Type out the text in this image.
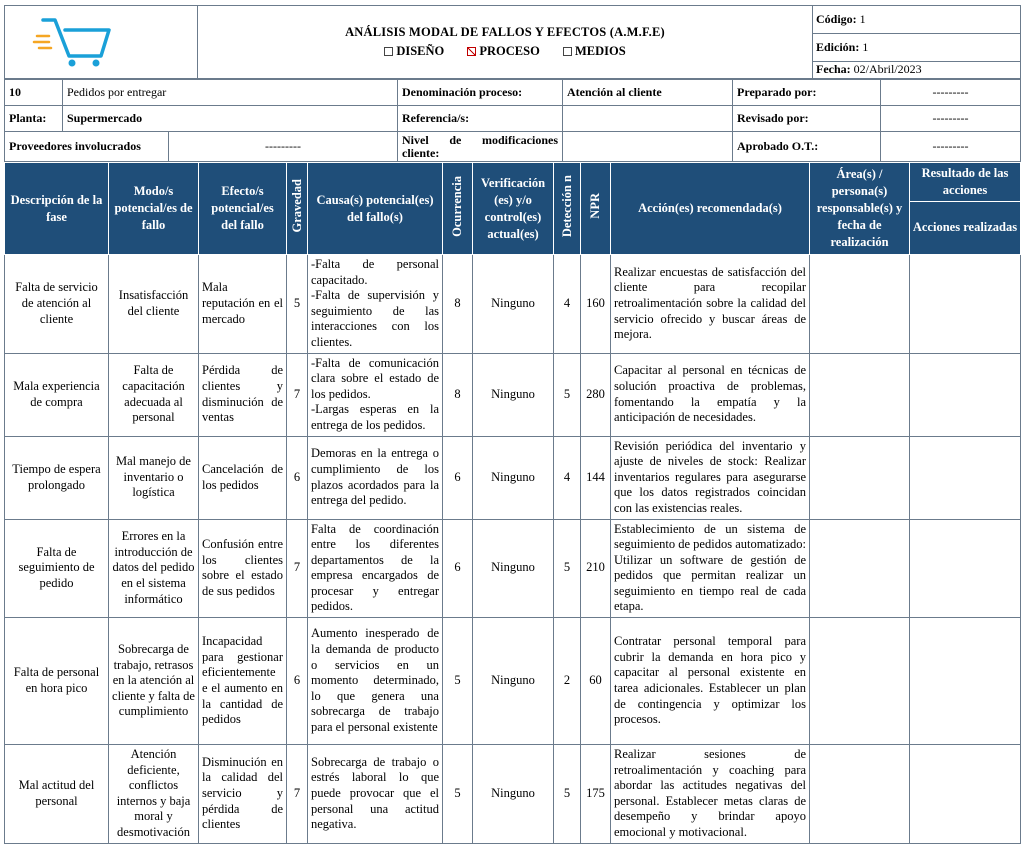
ANÁLISIS MODAL DE FALLOS Y EFECTOS (A.M.F.E)
DISEÑO	PROCESO	MEDIOS
	Código: 1
Edición: 1
Fecha: 02/Abril/2023
10	Pedidos por entregar		Denominación proceso:	Atención al cliente	Preparado por:	---------
Planta:	Supermercado		Referencia/s:		Revisado por:	---------
Proveedores involucrados		---------	Nivel de modificaciones cliente:		Aprobado O.T.:	---------
Descripción de la fase	Modo/s potencial/es de fallo	Efecto/s potencial/es del fallo	Gravedad	Causa(s) potencial(es) del fallo(s)	Ocurrencia	Verificación (es) y/o control(es) actual(es)	Detección n	NPR	Acción(es) recomendada(s)	Área(s) / persona(s) responsable(s) y fecha de realización	Resultado de las acciones
Acciones realizadas

Falta de servicio de atención al cliente	Insatisfacción del cliente	Mala reputación en el mercado	5	-Falta de personal capacitado.
-Falta de supervisión y seguimiento de las interacciones con los clientes.	8	Ninguno	4	160	Realizar encuestas de satisfacción del cliente para recopilar retroalimentación sobre la calidad del servicio ofrecido y buscar áreas de mejora.		
Mala experiencia de compra	Falta de capacitación adecuada al personal	Pérdida de clientes y disminución de ventas	7	-Falta de comunicación clara sobre el estado de los pedidos.
-Largas esperas en la entrega de los pedidos.	8	Ninguno	5	280	Capacitar al personal en técnicas de solución proactiva de problemas, fomentando la empatía y la anticipación de necesidades.		
Tiempo de espera prolongado	Mal manejo de inventario o logística	Cancelación de los pedidos	6	Demoras en la entrega o cumplimiento de los plazos acordados para la entrega del pedido.	6	Ninguno	4	144	Revisión periódica del inventario y ajuste de niveles de stock: Realizar inventarios regulares para asegurarse que los datos registrados coincidan con las existencias reales.		
Falta de seguimiento de pedido	Errores en la introducción de datos del pedido en el sistema informático	Confusión entre los clientes sobre el estado de sus pedidos	7	Falta de coordinación entre los diferentes departamentos de la empresa encargados de procesar y entregar pedidos.	6	Ninguno	5	210	Establecimiento de un sistema de seguimiento de pedidos automatizado: Utilizar un software de gestión de pedidos que permitan realizar un seguimiento en tiempo real de cada etapa.		
Falta de personal en hora pico	Sobrecarga de trabajo, retrasos en la atención al cliente y falta de cumplimiento	Incapacidad para gestionar eficientemente e el aumento en la cantidad de pedidos	6	Aumento inesperado de la demanda de producto o servicios en un momento determinado, lo que genera una sobrecarga de trabajo para el personal existente	5	Ninguno	2	60	Contratar personal temporal para cubrir la demanda en hora pico y capacitar al personal existente en tarea adicionales. Establecer un plan de contingencia y optimizar los procesos.		
Mal actitud del personal	Atención deficiente, conflictos internos y baja moral y desmotivación	Disminución en la calidad del servicio y pérdida de clientes	7	Sobrecarga de trabajo o estrés laboral lo que puede provocar que el personal una actitud negativa.	5	Ninguno	5	175	Realizar sesiones de retroalimentación y coaching para abordar las actitudes negativas del personal. Establecer metas claras de desempeño y brindar apoyo emocional y motivacional.		
